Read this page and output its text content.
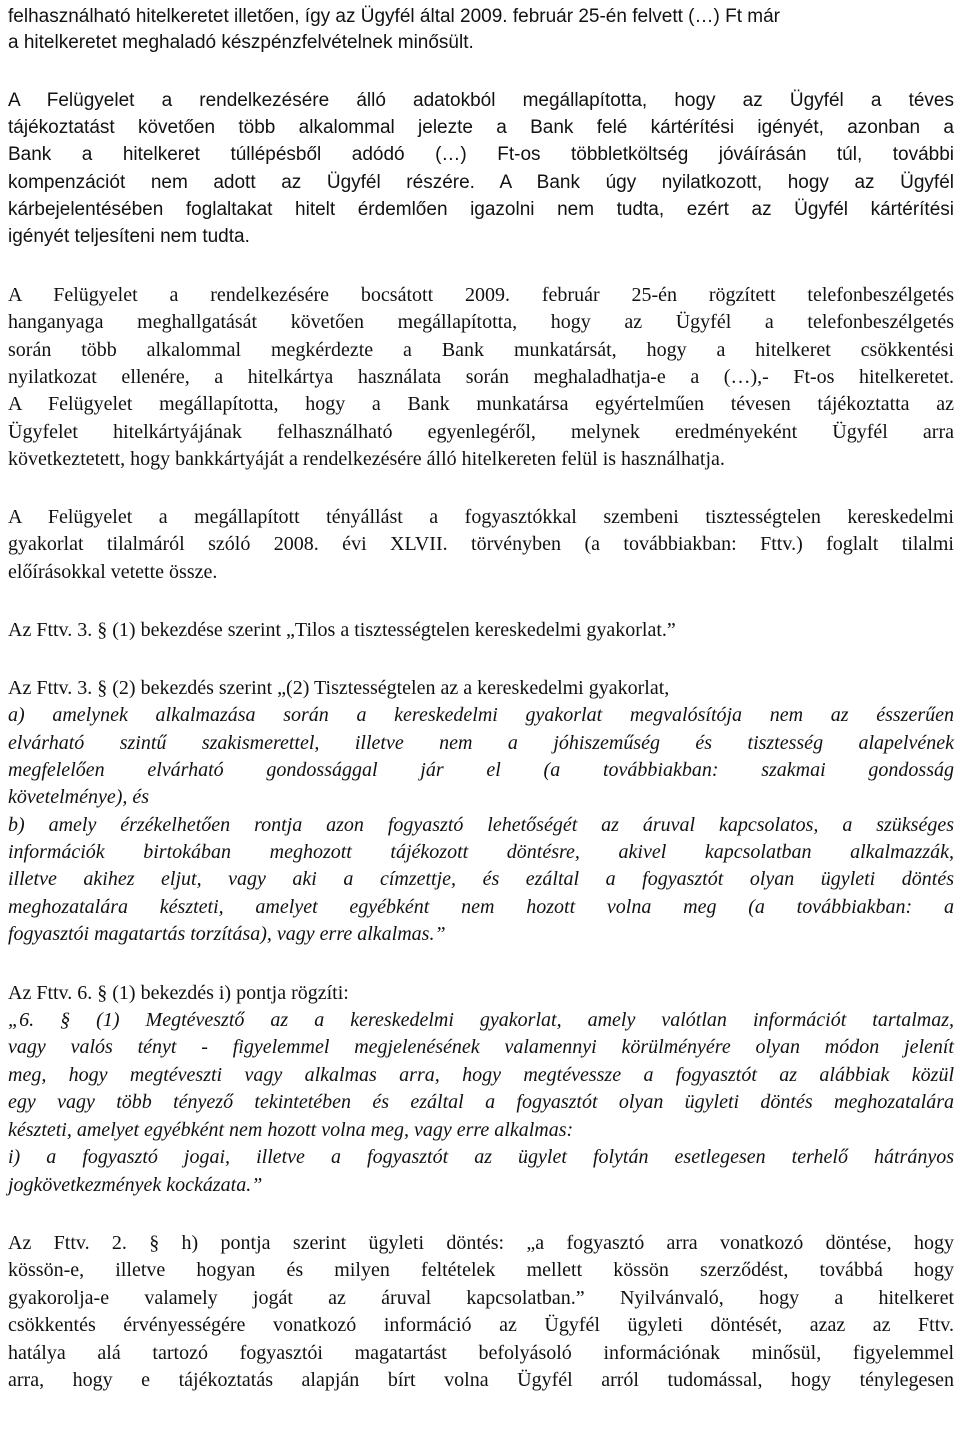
felhasználható hitelkeretet illetően, így az Ügyfél által 2009. február 25-én felvett (…) Ft már
a hitelkeretet meghaladó készpénzfelvételnek minősült.
A Felügyelet a rendelkezésére álló adatokból megállapította, hogy az Ügyfél a téves
tájékoztatást követően több alkalommal jelezte a Bank felé kártérítési igényét, azonban a
Bank a hitelkeret túllépésből adódó (…) Ft-os többletköltség jóváírásán túl, további
kompenzációt nem adott az Ügyfél részére. A Bank úgy nyilatkozott, hogy az Ügyfél
kárbejelentésében foglaltakat hitelt érdemlően igazolni nem tudta, ezért az Ügyfél kártérítési
igényét teljesíteni nem tudta.
A Felügyelet a rendelkezésére bocsátott 2009. február 25-én rögzített telefonbeszélgetés
hanganyaga meghallgatását követően megállapította, hogy az Ügyfél a telefonbeszélgetés
során több alkalommal megkérdezte a Bank munkatársát, hogy a hitelkeret csökkentési
nyilatkozat ellenére, a hitelkártya használata során meghaladhatja-e a (…),- Ft-os hitelkeretet.
A Felügyelet megállapította, hogy a Bank munkatársa egyértelműen tévesen tájékoztatta az
Ügyfelet hitelkártyájának felhasználható egyenlegéről, melynek eredményeként Ügyfél arra
következtetett, hogy bankkártyáját a rendelkezésére álló hitelkereten felül is használhatja.
A Felügyelet a megállapított tényállást a fogyasztókkal szembeni tisztességtelen kereskedelmi
gyakorlat tilalmáról szóló 2008. évi XLVII. törvényben (a továbbiakban: Fttv.) foglalt tilalmi
előírásokkal vetette össze.
Az Fttv. 3. § (1) bekezdése szerint „Tilos a tisztességtelen kereskedelmi gyakorlat.”
Az Fttv. 3. § (2) bekezdés szerint „(2) Tisztességtelen az a kereskedelmi gyakorlat,
a) amelynek alkalmazása során a kereskedelmi gyakorlat megvalósítója nem az ésszerűen
elvárható szintű szakismerettel, illetve nem a jóhiszeműség és tisztesség alapelvének
megfelelően elvárható gondossággal jár el (a továbbiakban: szakmai gondosság
követelménye), és
b) amely érzékelhetően rontja azon fogyasztó lehetőségét az áruval kapcsolatos, a szükséges
információk birtokában meghozott tájékozott döntésre, akivel kapcsolatban alkalmazzák,
illetve akihez eljut, vagy aki a címzettje, és ezáltal a fogyasztót olyan ügyleti döntés
meghozatalára készteti, amelyet egyébként nem hozott volna meg (a továbbiakban: a
fogyasztói magatartás torzítása), vagy erre alkalmas.”
Az Fttv. 6. § (1) bekezdés i) pontja rögzíti:
„6. § (1) Megtévesztő az a kereskedelmi gyakorlat, amely valótlan információt tartalmaz,
vagy valós tényt - figyelemmel megjelenésének valamennyi körülményére olyan módon jelenít
meg, hogy megtéveszti vagy alkalmas arra, hogy megtévessze a fogyasztót az alábbiak közül
egy vagy több tényező tekintetében és ezáltal a fogyasztót olyan ügyleti döntés meghozatalára
készteti, amelyet egyébként nem hozott volna meg, vagy erre alkalmas:
i) a fogyasztó jogai, illetve a fogyasztót az ügylet folytán esetlegesen terhelő hátrányos
jogkövetkezmények kockázata.”
Az Fttv. 2. § h) pontja szerint ügyleti döntés: „a fogyasztó arra vonatkozó döntése, hogy
kössön-e, illetve hogyan és milyen feltételek mellett kössön szerződést, továbbá hogy
gyakorolja-e valamely jogát az áruval kapcsolatban.” Nyilvánvaló, hogy a hitelkeret
csökkentés érvényességére vonatkozó információ az Ügyfél ügyleti döntését, azaz az Fttv.
hatálya alá tartozó fogyasztói magatartást befolyásoló információnak minősül, figyelemmel
arra, hogy e tájékoztatás alapján bírt volna Ügyfél arról tudomással, hogy ténylegesen
